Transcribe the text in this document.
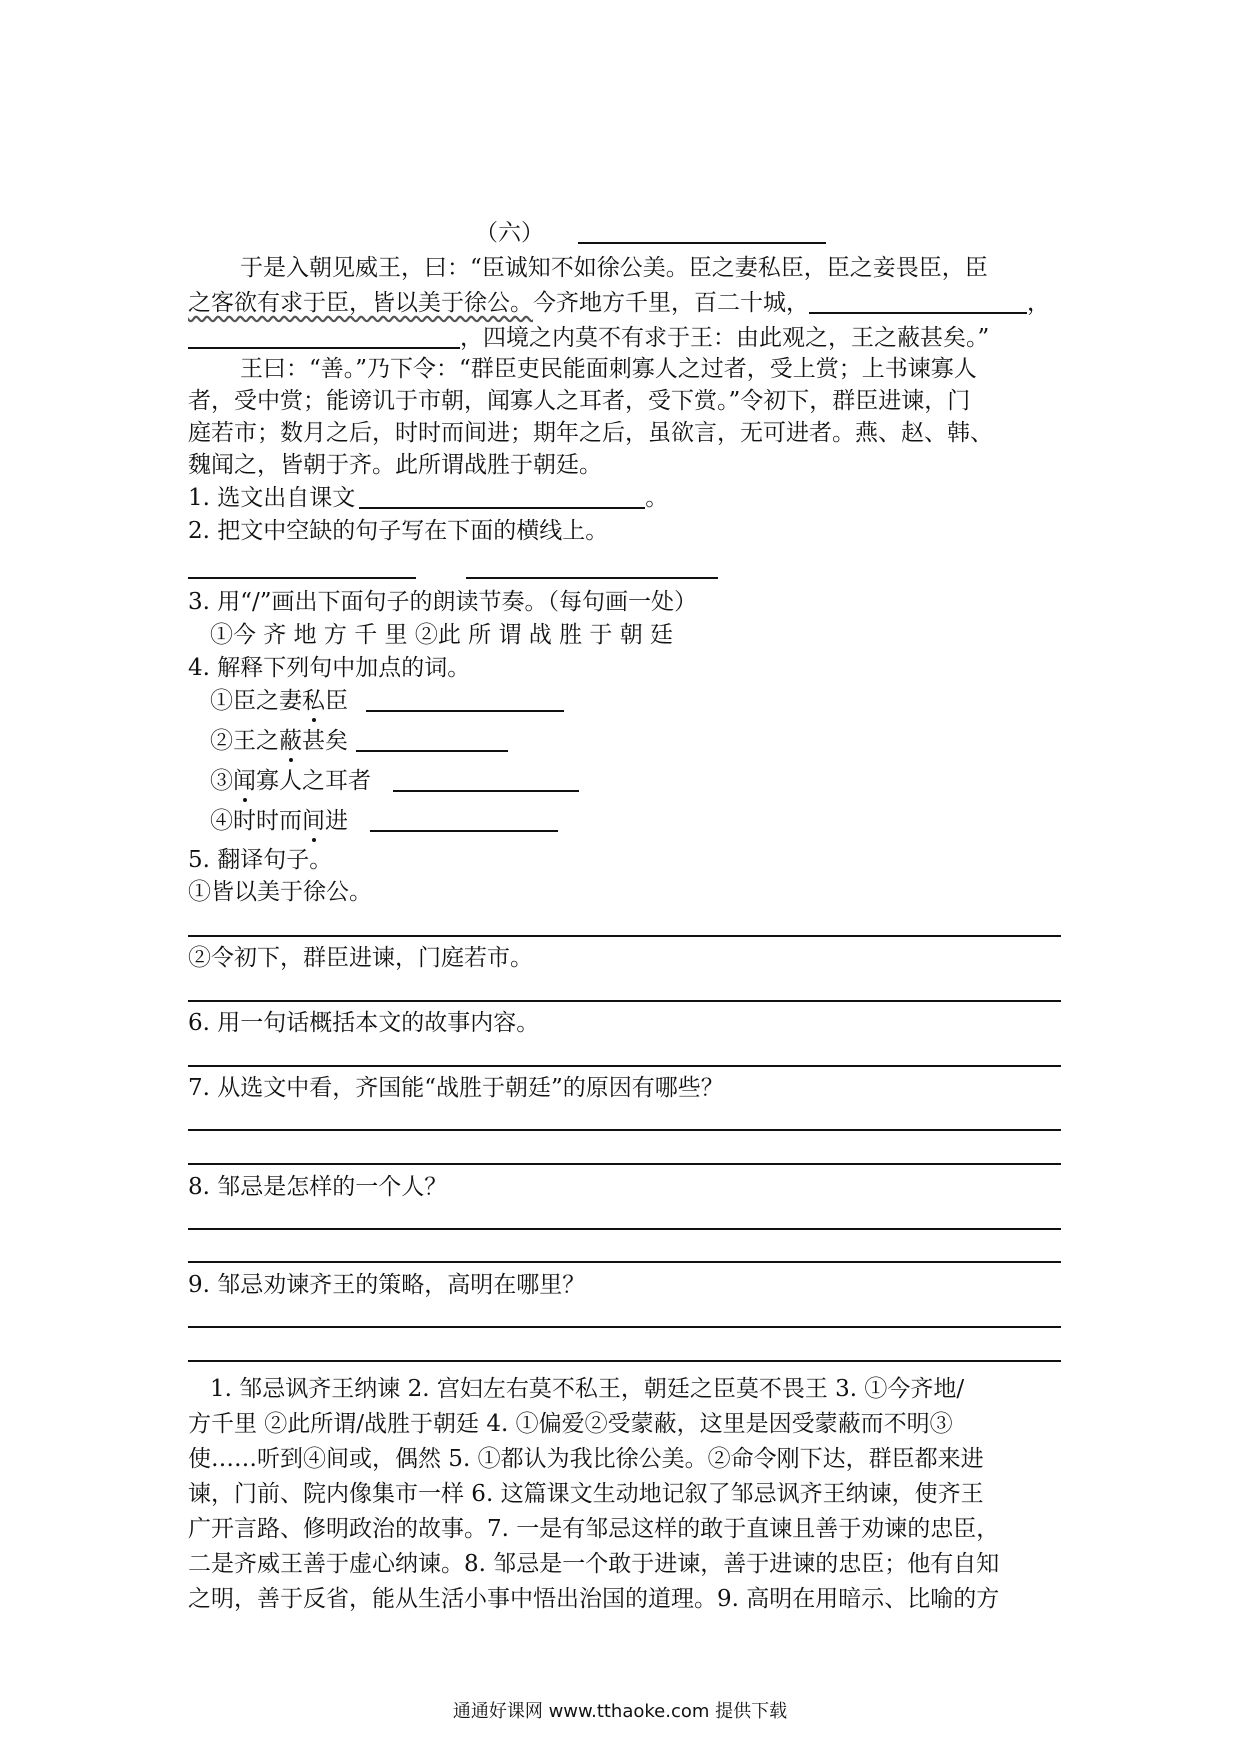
（六）
于是入朝见威王，曰：“臣诚知不如徐公美。臣之妻私臣，臣之妾畏臣，臣
之客欲有求于臣，皆以美于徐公。今齐地方千里，百二十城，	，
，四境之内莫不有求于王：由此观之，王之蔽甚矣。”
王曰：“善。”乃下令：“群臣吏民能面刺寡人之过者，受上赏；上书谏寡人
者，受中赏；能谤讥于市朝，闻寡人之耳者，受下赏。”令初下，群臣进谏，门
庭若市；数月之后，时时而间进；期年之后，虽欲言，无可进者。燕、赵、韩、
魏闻之，皆朝于齐。此所谓战胜于朝廷。
1. 选文出自课文	。
2. 把文中空缺的句子写在下面的横线上。
3. 用“/”画出下面句子的朗读节奏。（每句画一处）
①今 齐 地 方 千 里 ②此 所 谓 战 胜 于 朝 廷
4. 解释下列句中加点的词。
①臣之妻私臣
②王之蔽甚矣
③闻寡人之耳者
④时时而间进
5. 翻译句子。
①皆以美于徐公。
②令初下，群臣进谏，门庭若市。
6. 用一句话概括本文的故事内容。
7. 从选文中看，齐国能“战胜于朝廷”的原因有哪些？
8. 邹忌是怎样的一个人？
9. 邹忌劝谏齐王的策略，高明在哪里？
1. 邹忌讽齐王纳谏 2. 宫妇左右莫不私王，朝廷之臣莫不畏王 3. ①今齐地/
方千里 ②此所谓/战胜于朝廷 4. ①偏爱②受蒙蔽，这里是因受蒙蔽而不明③
使……听到④间或，偶然 5. ①都认为我比徐公美。②命令刚下达，群臣都来进
谏，门前、院内像集市一样 6. 这篇课文生动地记叙了邹忌讽齐王纳谏，使齐王
广开言路、修明政治的故事。7. 一是有邹忌这样的敢于直谏且善于劝谏的忠臣，
二是齐威王善于虚心纳谏。8. 邹忌是一个敢于进谏，善于进谏的忠臣；他有自知
之明，善于反省，能从生活小事中悟出治国的道理。9. 高明在用暗示、比喻的方
通通好课网 www.tthaoke.com 提供下载
